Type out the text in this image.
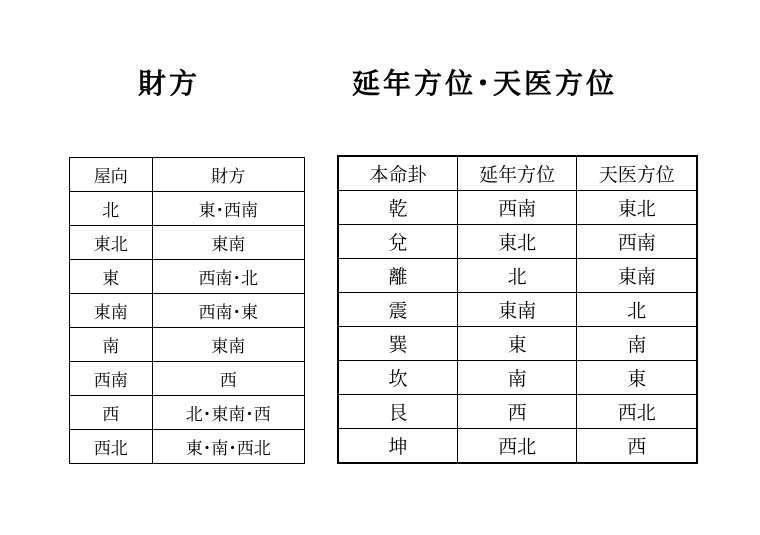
財方	延年方位･天医方位
屋向	財方
北	東･西南
東北	東南
東	西南･北
東南	西南･東
南	東南
西南	西
西	北･東南･西
西北	東･南･西北
本命卦	延年方位	天医方位
乾	西南	東北
兌	東北	西南
離	北	東南
震	東南	北
巽	東	南
坎	南	東
艮	西	西北
坤	西北	西
